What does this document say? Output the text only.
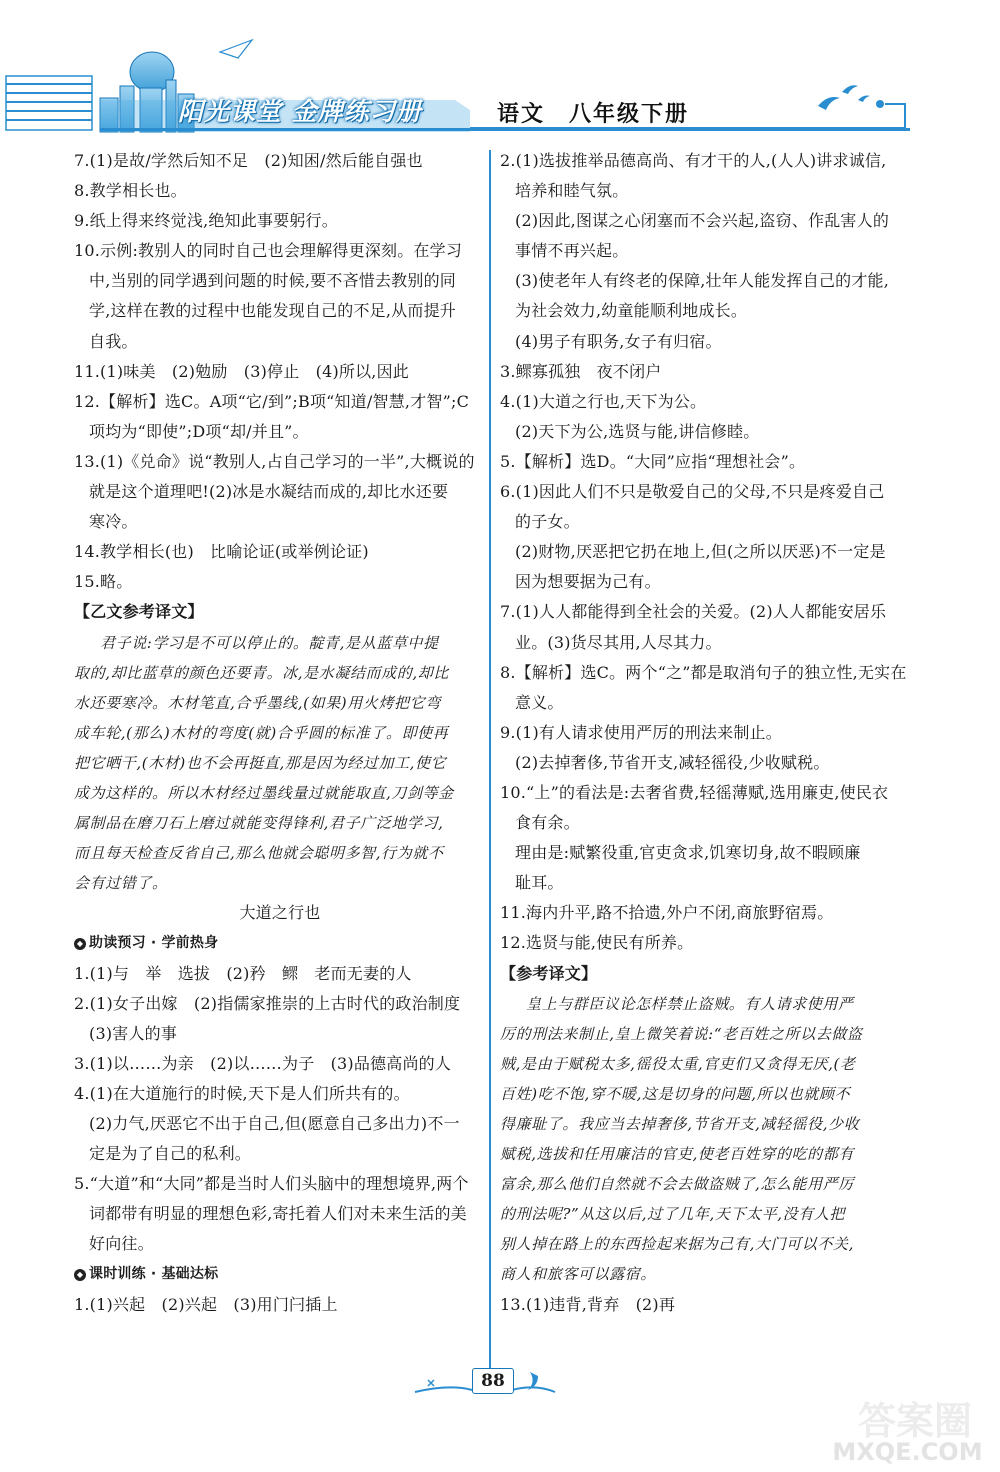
阳光课堂 金牌练习册	语文　八年级下册
7.(1)是故/学然后知不足　(2)知困/然后能自强也
8.教学相长也。
9.纸上得来终觉浅,绝知此事要躬行。
10.示例:教别人的同时自己也会理解得更深刻。在学习
中,当别的同学遇到问题的时候,要不吝惜去教别的同
学,这样在教的过程中也能发现自己的不足,从而提升
自我。
11.(1)味美　(2)勉励　(3)停止　(4)所以,因此
12.【解析】选C。A项“它/到”;B项“知道/智慧,才智”;C
项均为“即使”;D项“却/并且”。
13.(1)《兑命》说“教别人,占自己学习的一半”,大概说的
就是这个道理吧!(2)冰是水凝结而成的,却比水还要
寒冷。
14.教学相长(也)　比喻论证(或举例论证)
15.略。
【乙文参考译文】
君子说:学习是不可以停止的。靛青,是从蓝草中提
取的,却比蓝草的颜色还要青。冰,是水凝结而成的,却比
水还要寒冷。木材笔直,合乎墨线,(如果)用火烤把它弯
成车轮,(那么)木材的弯度(就)合乎圆的标准了。即使再
把它晒干,(木材)也不会再挺直,那是因为经过加工,使它
成为这样的。所以木材经过墨线量过就能取直,刀剑等金
属制品在磨刀石上磨过就能变得锋利,君子广泛地学习,
而且每天检查反省自己,那么他就会聪明多智,行为就不
会有过错了。
大道之行也
◆ 助读预习 · 学前热身
1.(1)与　举　选拔　(2)矜　鳏　老而无妻的人
2.(1)女子出嫁　(2)指儒家推崇的上古时代的政治制度
(3)害人的事
3.(1)以……为亲　(2)以……为子　(3)品德高尚的人
4.(1)在大道施行的时候,天下是人们所共有的。
(2)力气,厌恶它不出于自己,但(愿意自己多出力)不一
定是为了自己的私利。
5.“大道”和“大同”都是当时人们头脑中的理想境界,两个
词都带有明显的理想色彩,寄托着人们对未来生活的美
好向往。
◆ 课时训练 · 基础达标
1.(1)兴起　(2)兴起　(3)用门闩插上
2.(1)选拔推举品德高尚、有才干的人,(人人)讲求诚信,
培养和睦气氛。
(2)因此,图谋之心闭塞而不会兴起,盗窃、作乱害人的
事情不再兴起。
(3)使老年人有终老的保障,壮年人能发挥自己的才能,
为社会效力,幼童能顺利地成长。
(4)男子有职务,女子有归宿。
3.鳏寡孤独　夜不闭户
4.(1)大道之行也,天下为公。
(2)天下为公,选贤与能,讲信修睦。
5.【解析】选D。“大同”应指“理想社会”。
6.(1)因此人们不只是敬爱自己的父母,不只是疼爱自己
的子女。
(2)财物,厌恶把它扔在地上,但(之所以厌恶)不一定是
因为想要据为己有。
7.(1)人人都能得到全社会的关爱。(2)人人都能安居乐
业。(3)货尽其用,人尽其力。
8.【解析】选C。两个“之”都是取消句子的独立性,无实在
意义。
9.(1)有人请求使用严厉的刑法来制止。
(2)去掉奢侈,节省开支,减轻徭役,少收赋税。
10.“上”的看法是:去奢省费,轻徭薄赋,选用廉吏,使民衣
食有余。
理由是:赋繁役重,官吏贪求,饥寒切身,故不暇顾廉
耻耳。
11.海内升平,路不拾遗,外户不闭,商旅野宿焉。
12.选贤与能,使民有所养。
【参考译文】
皇上与群臣议论怎样禁止盗贼。有人请求使用严
厉的刑法来制止,皇上微笑着说:“老百姓之所以去做盗
贼,是由于赋税太多,徭役太重,官吏们又贪得无厌,(老
百姓)吃不饱,穿不暖,这是切身的问题,所以也就顾不
得廉耻了。我应当去掉奢侈,节省开支,减轻徭役,少收
赋税,选拔和任用廉洁的官吏,使老百姓穿的吃的都有
富余,那么他们自然就不会去做盗贼了,怎么能用严厉
的刑法呢?”从这以后,过了几年,天下太平,没有人把
别人掉在路上的东西捡起来据为己有,大门可以不关,
商人和旅客可以露宿。
13.(1)违背,背弃　(2)再
88
答案圈
MXQE.COM
